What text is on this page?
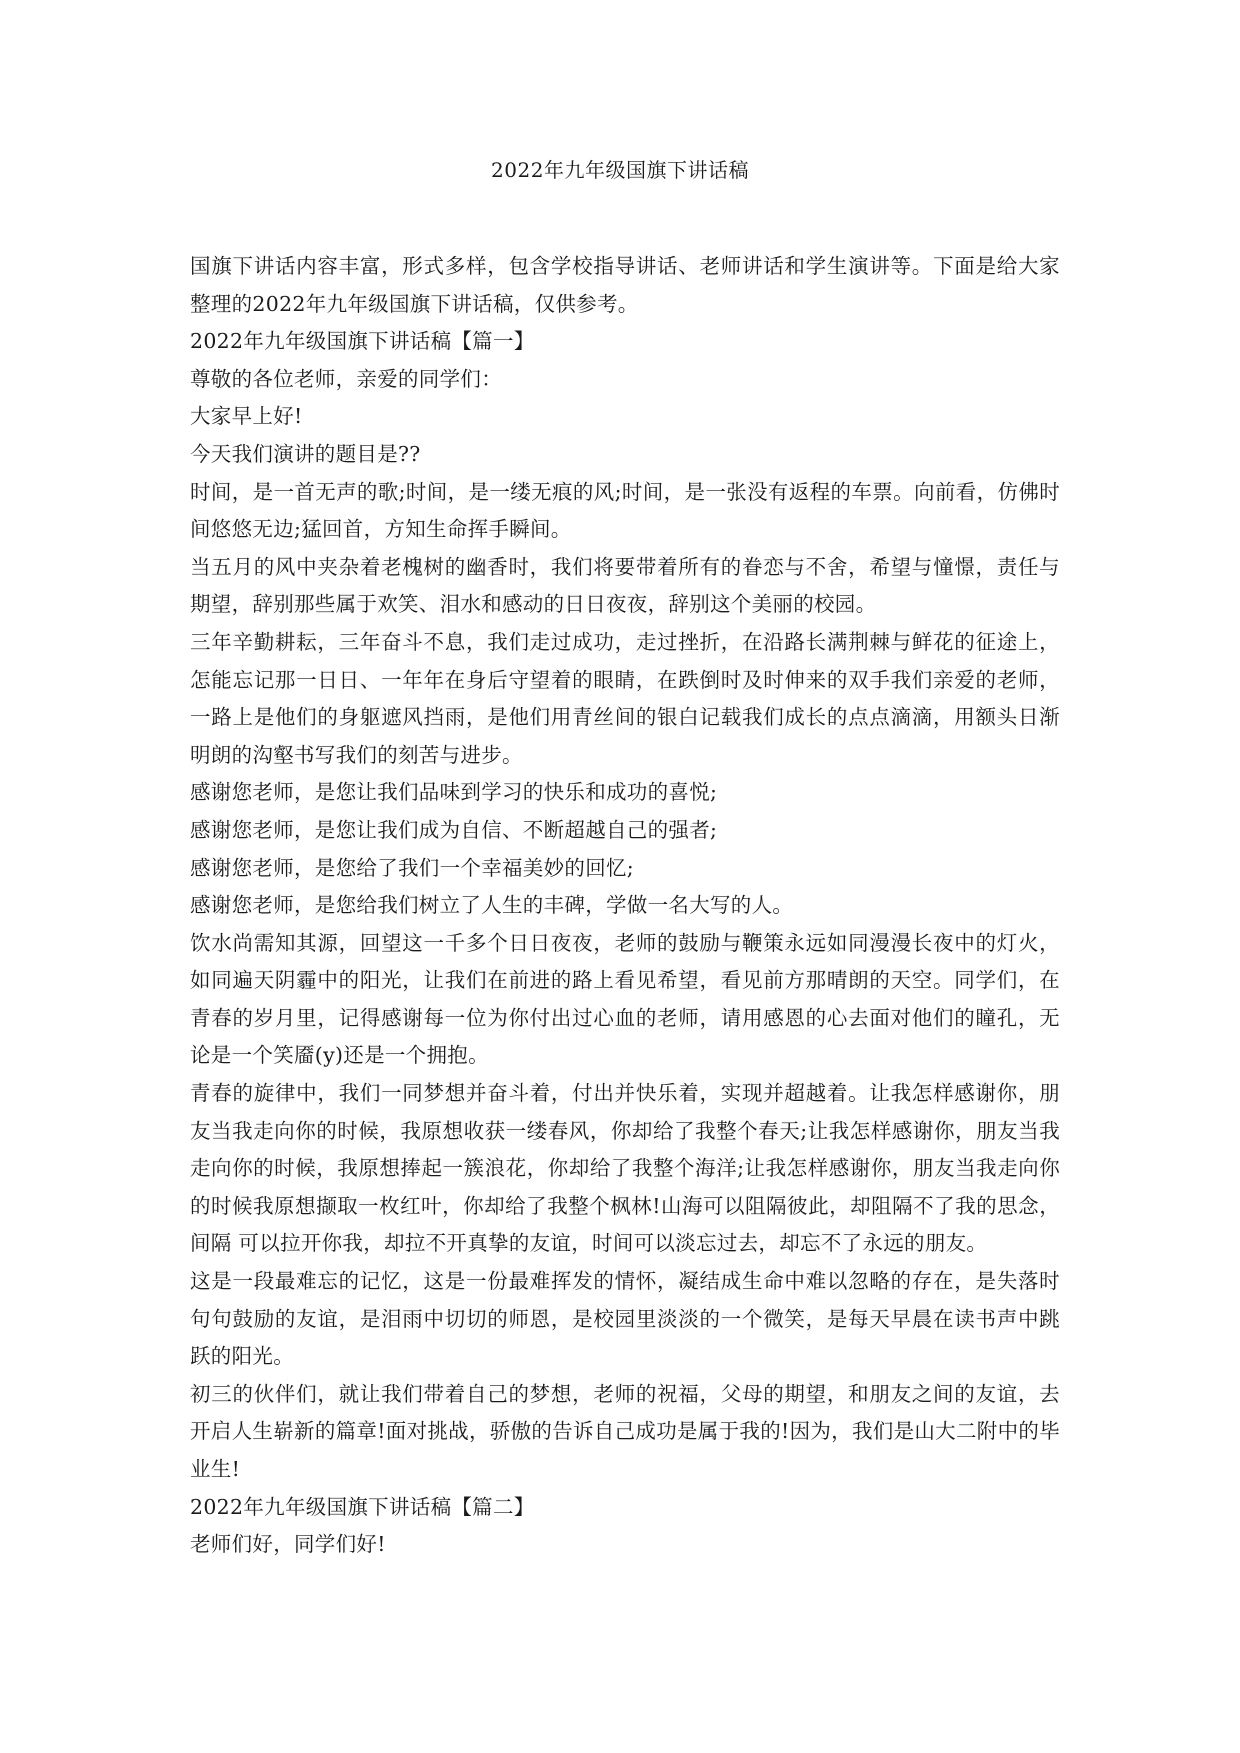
2022年九年级国旗下讲话稿

国旗下讲话内容丰富，形式多样，包含学校指导讲话、老师讲话和学生演讲等。下面是给大家整理的2022年九年级国旗下讲话稿，仅供参考。

2022年九年级国旗下讲话稿【篇一】

尊敬的各位老师，亲爱的同学们：

大家早上好!

今天我们演讲的题目是??

时间，是一首无声的歌;时间，是一缕无痕的风;时间，是一张没有返程的车票。向前看，仿佛时间悠悠无边;猛回首，方知生命挥手瞬间。

当五月的风中夹杂着老槐树的幽香时，我们将要带着所有的眷恋与不舍，希望与憧憬，责任与期望，辞别那些属于欢笑、泪水和感动的日日夜夜，辞别这个美丽的校园。

三年辛勤耕耘，三年奋斗不息，我们走过成功，走过挫折，在沿路长满荆棘与鲜花的征途上，怎能忘记那一日日、一年年在身后守望着的眼睛，在跌倒时及时伸来的双手我们亲爱的老师，一路上是他们的身躯遮风挡雨，是他们用青丝间的银白记载我们成长的点点滴滴，用额头日渐明朗的沟壑书写我们的刻苦与进步。

感谢您老师，是您让我们品味到学习的快乐和成功的喜悦;

感谢您老师，是您让我们成为自信、不断超越自己的强者;

感谢您老师，是您给了我们一个幸福美妙的回忆;

感谢您老师，是您给我们树立了人生的丰碑，学做一名大写的人。

饮水尚需知其源，回望这一千多个日日夜夜，老师的鼓励与鞭策永远如同漫漫长夜中的灯火，如同遍天阴霾中的阳光，让我们在前进的路上看见希望，看见前方那晴朗的天空。同学们，在青春的岁月里，记得感谢每一位为你付出过心血的老师，请用感恩的心去面对他们的瞳孔，无论是一个笑靥(y)还是一个拥抱。

青春的旋律中，我们一同梦想并奋斗着，付出并快乐着，实现并超越着。让我怎样感谢你，朋友当我走向你的时候，我原想收获一缕春风，你却给了我整个春天;让我怎样感谢你，朋友当我走向你的时候，我原想捧起一簇浪花，你却给了我整个海洋;让我怎样感谢你，朋友当我走向你的时候我原想撷取一枚红叶，你却给了我整个枫林!山海可以阻隔彼此，却阻隔不了我的思念，间隔 可以拉开你我，却拉不开真挚的友谊，时间可以淡忘过去，却忘不了永远的朋友。

这是一段最难忘的记忆，这是一份最难挥发的情怀，凝结成生命中难以忽略的存在，是失落时句句鼓励的友谊，是泪雨中切切的师恩，是校园里淡淡的一个微笑，是每天早晨在读书声中跳跃的阳光。

初三的伙伴们，就让我们带着自己的梦想，老师的祝福，父母的期望，和朋友之间的友谊，去开启人生崭新的篇章!面对挑战，骄傲的告诉自己成功是属于我的!因为，我们是山大二附中的毕业生!

2022年九年级国旗下讲话稿【篇二】

老师们好，同学们好!
